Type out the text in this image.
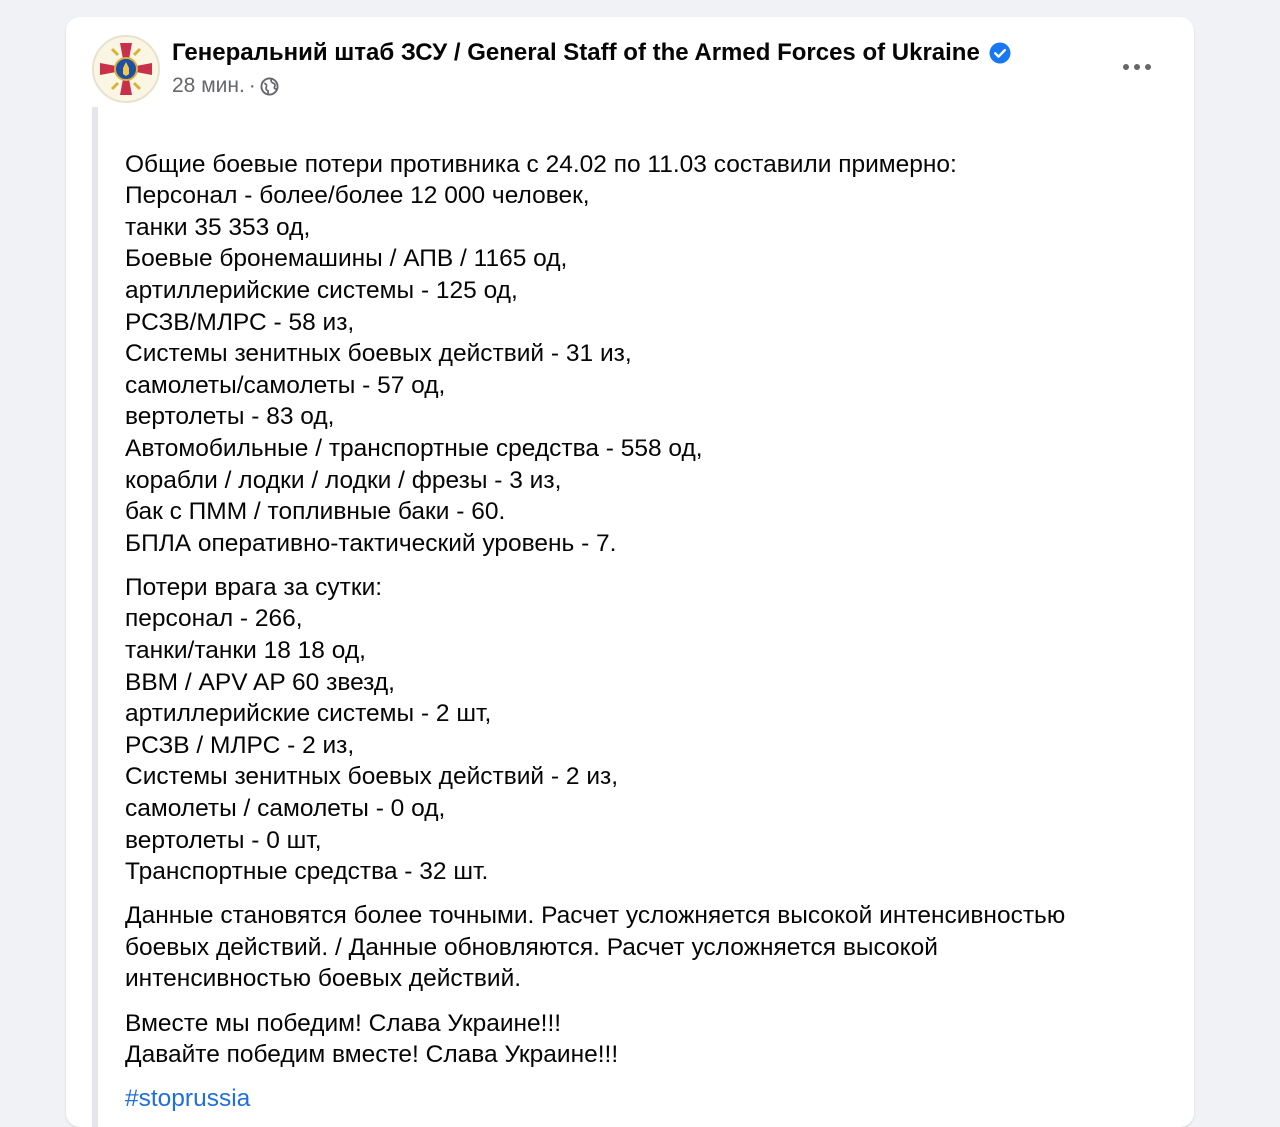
Генеральний штаб ЗСУ / General Staff of the Armed Forces of Ukraine
28 мин. ·

Общие боевые потери противника с 24.02 по 11.03 составили примерно:

Персонал - более/более 12 000 человек,

танки 35 353 од,

Боевые бронемашины / АПВ / 1165 од,

артиллерийские системы - 125 од,

РСЗВ/МЛРС - 58 из,

Системы зенитных боевых действий - 31 из,

самолеты/самолеты - 57 од,

вертолеты - 83 од,

Автомобильные / транспортные средства - 558 од,

корабли / лодки / лодки / фрезы - 3 из,

бак с ПММ / топливные баки - 60.

БПЛА оперативно-тактический уровень - 7.

Потери врага за сутки:

персонал - 266,

танки/танки 18 18 од,

ВВМ / APV AP 60 звезд,

артиллерийские системы - 2 шт,

РСЗВ / МЛРС - 2 из,

Системы зенитных боевых действий - 2 из,

самолеты / самолеты - 0 од,

вертолеты - 0 шт,

Транспортные средства - 32 шт.

Данные становятся более точными. Расчет усложняется высокой интенсивностью

боевых действий. / Данные обновляются. Расчет усложняется высокой

интенсивностью боевых действий.

Вместе мы победим! Слава Украине!!!

Давайте победим вместе! Слава Украине!!!

#stoprussia
